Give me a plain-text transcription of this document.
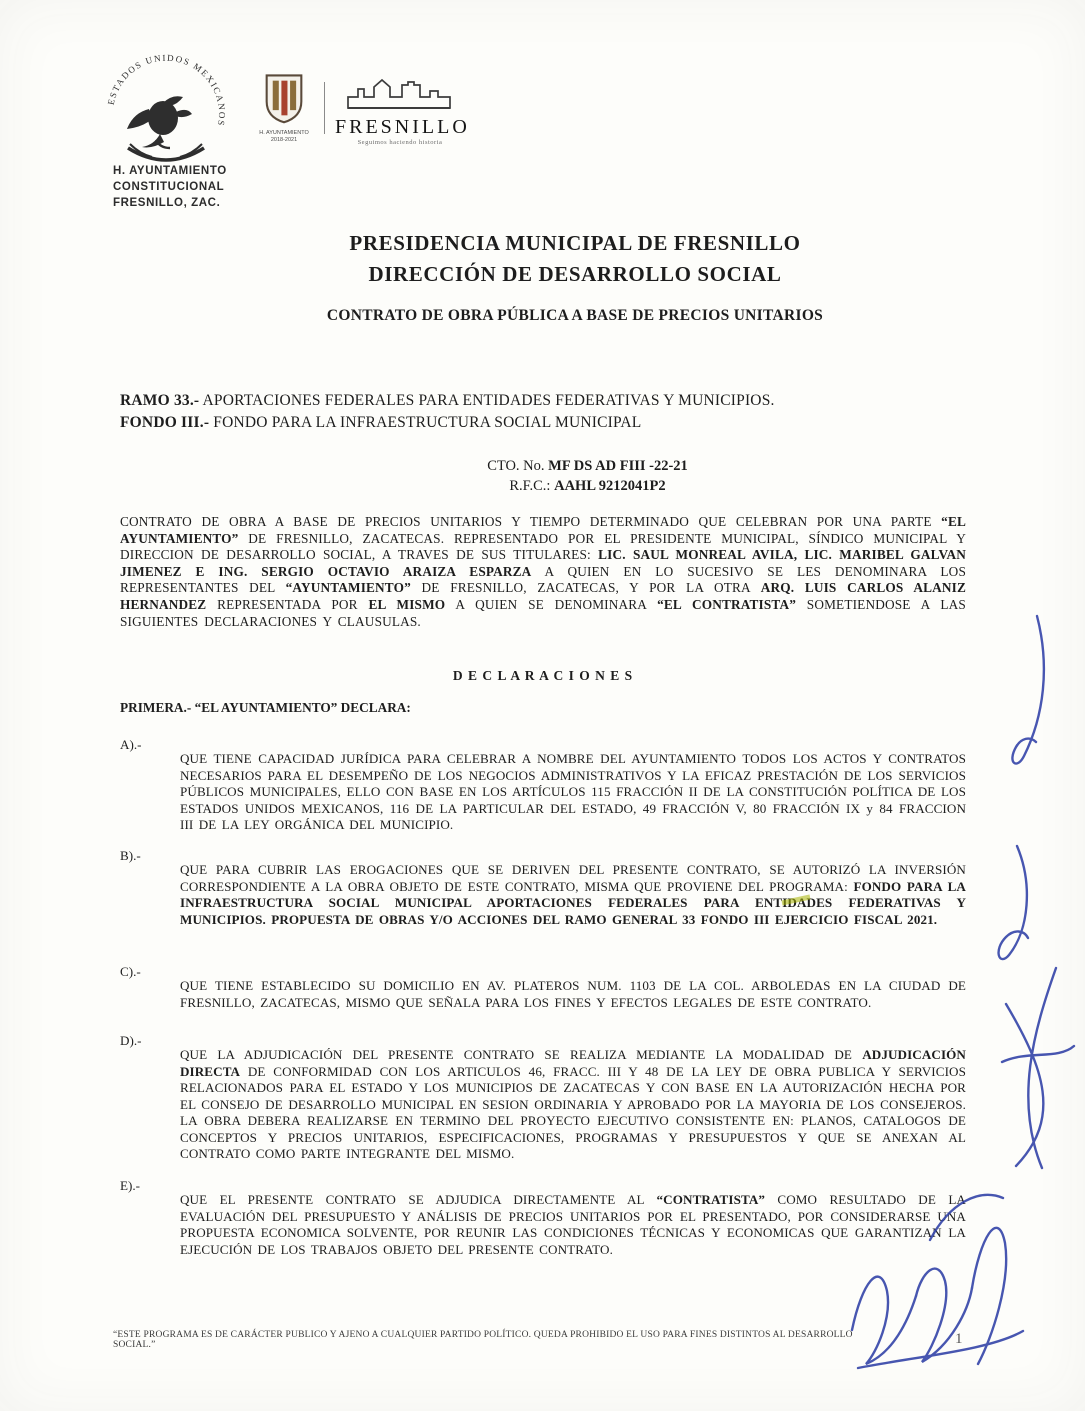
ESTADOS UNIDOS MEXICANOS
H. AYUNTAMIENTO
CONSTITUCIONAL
FRESNILLO, ZAC.
H. AYUNTAMIENTO
2018-2021
FRESNILLO
Seguimos haciendo historia
PRESIDENCIA MUNICIPAL DE FRESNILLO
DIRECCIÓN DE DESARROLLO SOCIAL
CONTRATO DE OBRA PÚBLICA A BASE DE PRECIOS UNITARIOS

RAMO 33.- APORTACIONES FEDERALES PARA ENTIDADES FEDERATIVAS Y MUNICIPIOS.

FONDO III.- FONDO PARA LA INFRAESTRUCTURA SOCIAL MUNICIPAL

CTO. No. MF DS AD FIII -22-21

R.F.C.: AAHL 9212041P2

CONTRATO DE OBRA A BASE DE PRECIOS UNITARIOS Y TIEMPO DETERMINADO QUE CELEBRAN POR UNA PARTE “EL AYUNTAMIENTO” DE FRESNILLO, ZACATECAS. REPRESENTADO POR EL PRESIDENTE MUNICIPAL, SÍNDICO MUNICIPAL Y DIRECCION DE DESARROLLO SOCIAL, A TRAVES DE SUS TITULARES: LIC. SAUL MONREAL AVILA, LIC. MARIBEL GALVAN JIMENEZ E ING. SERGIO OCTAVIO ARAIZA ESPARZA A QUIEN EN LO SUCESIVO SE LES DENOMINARA LOS REPRESENTANTES DEL “AYUNTAMIENTO” DE FRESNILLO, ZACATECAS, Y POR LA OTRA ARQ. LUIS CARLOS ALANIZ HERNANDEZ REPRESENTADA POR EL MISMO A QUIEN SE DENOMINARA “EL CONTRATISTA” SOMETIENDOSE A LAS SIGUIENTES DECLARACIONES Y CLAUSULAS.

D E C L A R A C I O N E S
PRIMERA.- “EL AYUNTAMIENTO” DECLARA:
A).-
QUE TIENE CAPACIDAD JURÍDICA PARA CELEBRAR A NOMBRE DEL AYUNTAMIENTO TODOS LOS ACTOS Y CONTRATOS NECESARIOS PARA EL DESEMPEÑO DE LOS NEGOCIOS ADMINISTRATIVOS Y LA EFICAZ PRESTACIÓN DE LOS SERVICIOS PÚBLICOS MUNICIPALES, ELLO CON BASE EN LOS ARTÍCULOS 115 FRACCIÓN II DE LA CONSTITUCIÓN POLÍTICA DE LOS ESTADOS UNIDOS MEXICANOS, 116 DE LA PARTICULAR DEL ESTADO, 49 FRACCIÓN V, 80 FRACCIÓN IX y 84 FRACCION III DE LA LEY ORGÁNICA DEL MUNICIPIO.
B).-
QUE PARA CUBRIR LAS EROGACIONES QUE SE DERIVEN DEL PRESENTE CONTRATO, SE AUTORIZÓ LA INVERSIÓN CORRESPONDIENTE A LA OBRA OBJETO DE ESTE CONTRATO, MISMA QUE PROVIENE DEL PROGRAMA: FONDO PARA LA INFRAESTRUCTURA SOCIAL MUNICIPAL APORTACIONES FEDERALES PARA ENTIDADES FEDERATIVAS Y MUNICIPIOS. PROPUESTA DE OBRAS Y/O ACCIONES DEL RAMO GENERAL 33 FONDO III EJERCICIO FISCAL 2021.
C).-
QUE TIENE ESTABLECIDO SU DOMICILIO EN AV. PLATEROS NUM. 1103 DE LA COL. ARBOLEDAS EN LA CIUDAD DE FRESNILLO, ZACATECAS, MISMO QUE SEÑALA PARA LOS FINES Y EFECTOS LEGALES DE ESTE CONTRATO.
D).-
QUE LA ADJUDICACIÓN DEL PRESENTE CONTRATO SE REALIZA MEDIANTE LA MODALIDAD DE ADJUDICACIÓN DIRECTA DE CONFORMIDAD CON LOS ARTICULOS 46, FRACC. III Y 48 DE LA LEY DE OBRA PUBLICA Y SERVICIOS RELACIONADOS PARA EL ESTADO Y LOS MUNICIPIOS DE ZACATECAS Y CON BASE EN LA AUTORIZACIÓN HECHA POR EL CONSEJO DE DESARROLLO MUNICIPAL EN SESION ORDINARIA Y APROBADO POR LA MAYORIA DE LOS CONSEJEROS. LA OBRA DEBERA REALIZARSE EN TERMINO DEL PROYECTO EJECUTIVO CONSISTENTE EN: PLANOS, CATALOGOS DE CONCEPTOS Y PRECIOS UNITARIOS, ESPECIFICACIONES, PROGRAMAS Y PRESUPUESTOS Y QUE SE ANEXAN AL CONTRATO COMO PARTE INTEGRANTE DEL MISMO.
E).-
QUE EL PRESENTE CONTRATO SE ADJUDICA DIRECTAMENTE AL “CONTRATISTA” COMO RESULTADO DE LA EVALUACIÓN DEL PRESUPUESTO Y ANÁLISIS DE PRECIOS UNITARIOS POR EL PRESENTADO, POR CONSIDERARSE UNA PROPUESTA ECONOMICA SOLVENTE, POR REUNIR LAS CONDICIONES TÉCNICAS Y ECONOMICAS QUE GARANTIZAN LA EJECUCIÓN DE LOS TRABAJOS OBJETO DEL PRESENTE CONTRATO.
“ESTE PROGRAMA ES DE CARÁCTER PUBLICO Y AJENO A CUALQUIER PARTIDO POLÍTICO. QUEDA PROHIBIDO EL USO PARA FINES DISTINTOS AL DESARROLLO SOCIAL.”	1
